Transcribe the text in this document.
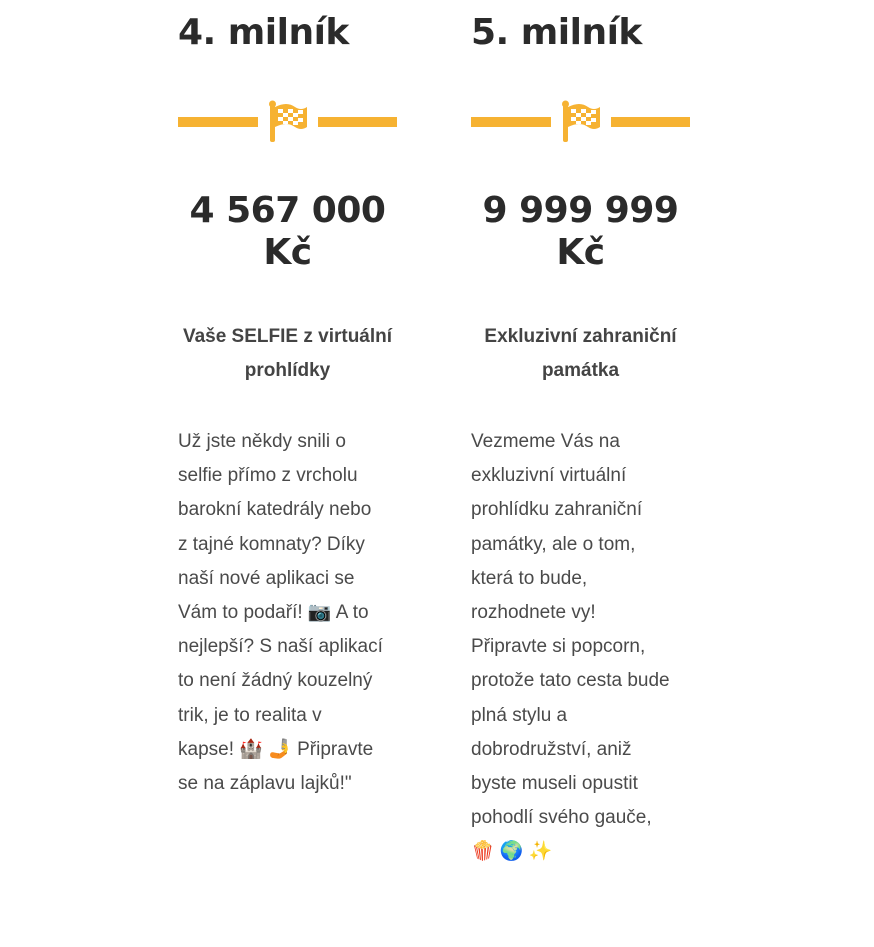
4. milník
4 567 000
Kč
Vaše SELFIE z virtuální
prohlídky
Už jste někdy snili o
selfie přímo z vrcholu
barokní katedrály nebo
z tajné komnaty? Díky
naší nové aplikaci se
Vám to podaří! 📷 A to
nejlepší? S naší aplikací
to není žádný kouzelný
trik, je to realita v
kapse! 🏰 🤳 Připravte
se na záplavu lajků!"
5. milník
9 999 999
Kč
Exkluzivní zahraniční
památka
Vezmeme Vás na
exkluzivní virtuální
prohlídku zahraniční
památky, ale o tom,
která to bude,
rozhodnete vy!
Připravte si popcorn,
protože tato cesta bude
plná stylu a
dobrodružství, aniž
byste museli opustit
pohodlí svého gauče,
🍿 🌍 ✨
